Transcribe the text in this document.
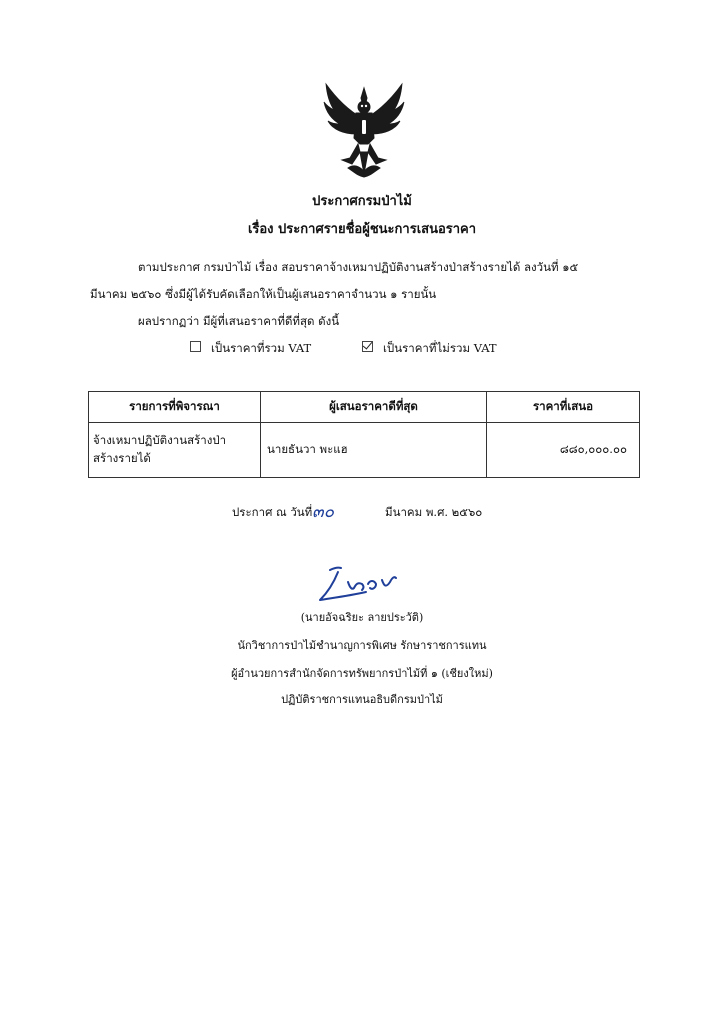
ประกาศกรมป่าไม้
เรื่อง ประกาศรายชื่อผู้ชนะการเสนอราคา
ตามประกาศ กรมป่าไม้ เรื่อง สอบราคาจ้างเหมาปฏิบัติงานสร้างป่าสร้างรายได้ ลงวันที่ ๑๕
มีนาคม ๒๕๖๐ ซึ่งมีผู้ได้รับคัดเลือกให้เป็นผู้เสนอราคาจำนวน ๑ รายนั้น
ผลปรากฏว่า มีผู้ที่เสนอราคาที่ดีที่สุด ดังนี้
เป็นราคาที่รวม VAT	เป็นราคาที่ไม่รวม VAT
รายการที่พิจารณา	ผู้เสนอราคาดีที่สุด	ราคาที่เสนอ
จ้างเหมาปฏิบัติงานสร้างป่า
สร้างรายได้	นายธันวา พะแฮ	๘๘๐,๐๐๐.๐๐
ประกาศ ณ วันที่ ๓๐	มีนาคม พ.ศ. ๒๕๖๐
(นายอัจฉริยะ ลายประวัติ)
นักวิชาการป่าไม้ชำนาญการพิเศษ รักษาราชการแทน
ผู้อำนวยการสำนักจัดการทรัพยากรป่าไม้ที่ ๑ (เชียงใหม่)
ปฏิบัติราชการแทนอธิบดีกรมป่าไม้
